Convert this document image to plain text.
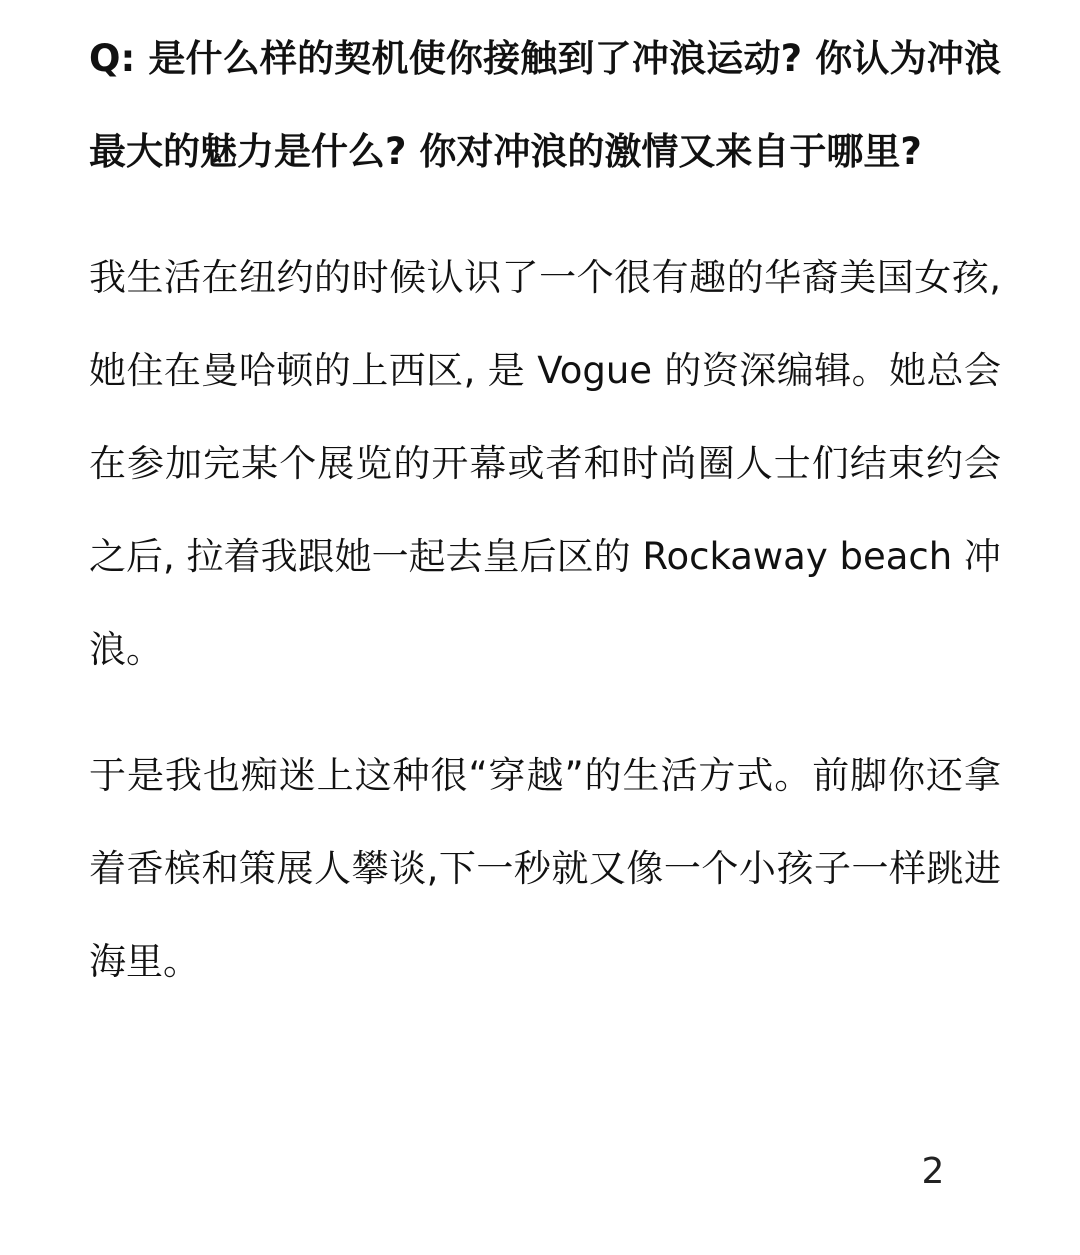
Q: 是什么样的契机使你接触到了冲浪运动? 你认为冲浪最大的魅力是什么? 你对冲浪的激情又来自于哪里?

我生活在纽约的时候认识了一个很有趣的华裔美国女孩, 她住在曼哈顿的上西区, 是 Vogue 的资深编辑。她总会在参加完某个展览的开幕或者和时尚圈人士们结束约会之后, 拉着我跟她一起去皇后区的 Rockaway beach 冲浪。

于是我也痴迷上这种很“穿越”的生活方式。前脚你还拿着香槟和策展人攀谈,下一秒就又像一个小孩子一样跳进海里。

2
